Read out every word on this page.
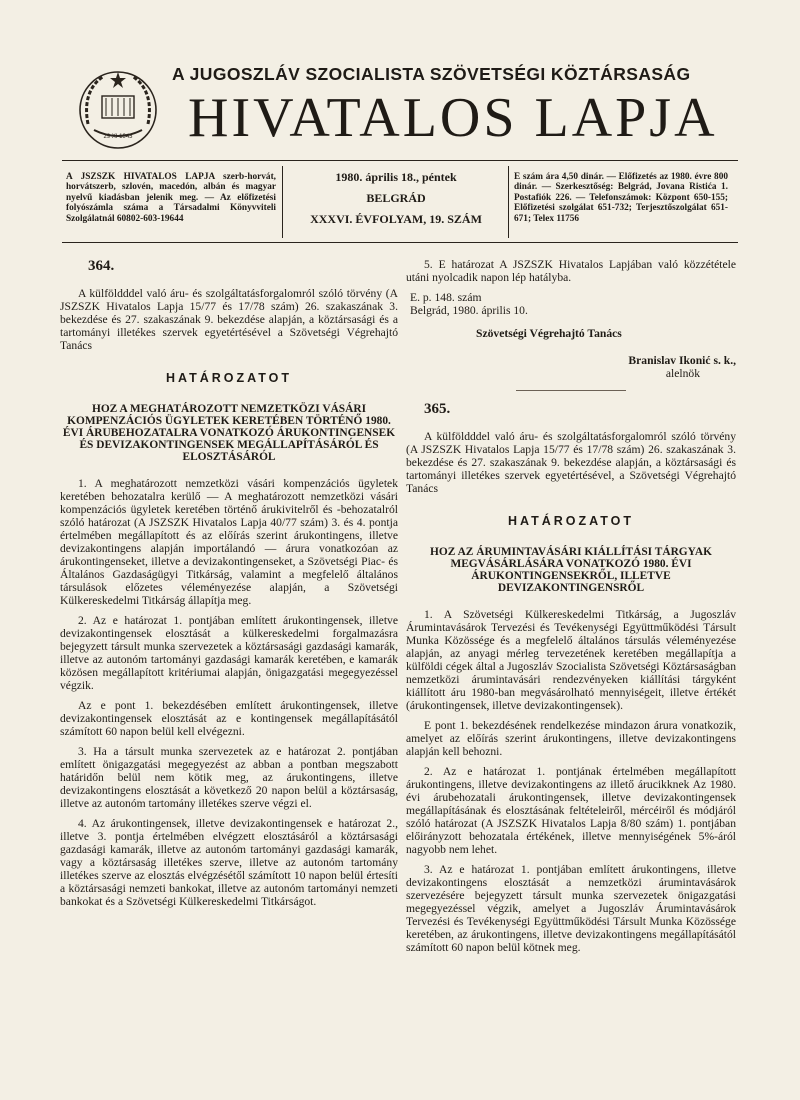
29 XI 1943
A JUGOSZLÁV SZOCIALISTA SZÖVETSÉGI KÖZTÁRSASÁG
HIVATALOS LAPJA
A JSZSZK HIVATALOS LAPJA szerb-horvát, horvátszerb, szlovén, macedón, albán és magyar nyelvű kiadásban jelenik meg. — Az előfizetési folyószámla száma a Társadalmi Könyvviteli Szolgálatnál 60802-603-19644
1980. április 18., péntek
BELGRÁD
XXXVI. ÉVFOLYAM, 19. SZÁM
E szám ára 4,50 dinár. — Előfizetés az 1980. évre 800 dinár. — Szerkesztőség: Belgrád, Jovana Ristića 1. Postafiók 226. — Telefonszámok: Központ 650-155; Előfizetési szolgálat 651-732; Terjesztőszolgálat 651-671; Telex 11756
364.

A külföldddel való áru- és szolgáltatásforgalomról szóló törvény (A JSZSZK Hivatalos Lapja 15/77 és 17/78 szám) 26. szakaszának 3. bekezdése és 27. szakaszának 9. bekezdése alapján, a köztársasági és a tartományi illetékes szervek egyetértésével a Szövetségi Végrehajtó Tanács

HATÁROZATOT
HOZ A MEGHATÁROZOTT NEMZETKÖZI VÁSÁRI KOMPENZÁCIÓS ÜGYLETEK KERETÉBEN TÖRTÉNŐ 1980. ÉVI ÁRUBEHOZATALRA VONATKOZÓ ÁRUKONTINGENSEK ÉS DEVIZAKONTINGENSEK MEGÁLLAPÍTÁSÁRÓL ÉS ELOSZTÁSÁRÓL

1. A meghatározott nemzetközi vásári kompenzációs ügyletek keretében behozatalra kerülő — A meghatározott nemzetközi vásári kompenzációs ügyletek keretében történő árukivitelről és -behozatalról szóló határozat (A JSZSZK Hivatalos Lapja 40/77 szám) 3. és 4. pontja értelmében megállapított és az előírás szerint árukontingens, illetve devizakontingens alapján importálandó — árura vonatkozóan az árukontingenseket, illetve a devizakontingenseket, a Szövetségi Piac- és Általános Gazdaságügyi Titkárság, valamint a megfelelő általános társulások előzetes véleményezése alapján, a Szövetségi Külkereskedelmi Titkárság állapítja meg.

2. Az e határozat 1. pontjában említett árukontingensek, illetve devizakontingensek elosztását a külkereskedelmi forgalmazásra bejegyzett társult munka szervezetek a köztársasági gazdasági kamarák, illetve az autonóm tartományi gazdasági kamarák keretében, e kamarák közösen megállapított kritériumai alapján, önigazgatási megegyezéssel végzik.

Az e pont 1. bekezdésében említett árukontingensek, illetve devizakontingensek elosztását az e kontingensek megállapításától számított 60 napon belül kell elvégezni.

3. Ha a társult munka szervezetek az e határozat 2. pontjában említett önigazgatási megegyezést az abban a pontban megszabott határidőn belül nem kötik meg, az árukontingens, illetve devizakontingens elosztását a következő 20 napon belül a köztársaság, illetve az autonóm tartomány illetékes szerve végzi el.

4. Az árukontingensek, illetve devizakontingensek e határozat 2., illetve 3. pontja értelmében elvégzett elosztásáról a köztársasági gazdasági kamarák, illetve az autonóm tartományi gazdasági kamarák, vagy a köztársaság illetékes szerve, illetve az autonóm tartomány illetékes szerve az elosztás elvégzésétől számított 10 napon belül értesíti a köztársasági nemzeti bankokat, illetve az autonóm tartományi nemzeti bankokat és a Szövetségi Külkereskedelmi Titkárságot.

5. E határozat A JSZSZK Hivatalos Lapjában való közzététele utáni nyolcadik napon lép hatályba.

E. p. 148. szám

Belgrád, 1980. április 10.

Szövetségi Végrehajtó Tanács
Branislav Ikonić s. k.,
alelnök
365.

A külföldddel való áru- és szolgáltatásforgalomról szóló törvény (A JSZSZK Hivatalos Lapja 15/77 és 17/78 szám) 26. szakaszának 3. bekezdése és 27. szakaszának 9. bekezdése alapján, a köztársasági és tartományi illetékes szervek egyetértésével, a Szövetségi Végrehajtó Tanács

HATÁROZATOT
HOZ AZ ÁRUMINTAVÁSÁRI KIÁLLÍTÁSI TÁRGYAK MEGVÁSÁRLÁSÁRA VONATKOZÓ 1980. ÉVI ÁRUKONTINGENSEKRŐL, ILLETVE DEVIZAKONTINGENSRŐL

1. A Szövetségi Külkereskedelmi Titkárság, a Jugoszláv Árumintavásárok Tervezési és Tevékenységi Együttműködési Társult Munka Közössége és a megfelelő általános társulás véleményezése alapján, az anyagi mérleg tervezetének keretében megállapítja a külföldi cégek által a Jugoszláv Szocialista Szövetségi Köztársaságban nemzetközi árumintavásári rendezvényeken kiállítási tárgyként kiállított áru 1980-ban megvásárolható mennyiségeit, illetve értékét (árukontingensek, illetve devizakontingensek).

E pont 1. bekezdésének rendelkezése mindazon árura vonatkozik, amelyet az előírás szerint árukontingens, illetve devizakontingens alapján kell behozni.

2. Az e határozat 1. pontjának értelmében megállapított árukontingens, illetve devizakontingens az illető árucikknek Az 1980. évi árubehozatali árukontingensek, illetve devizakontingensek megállapításának és elosztásának feltételeiről, mércéiről és módjáról szóló határozat (A JSZSZK Hivatalos Lapja 8/80 szám) 1. pontjában előirányzott behozatala értékének, illetve mennyiségének 5%-áról nagyobb nem lehet.

3. Az e határozat 1. pontjában említett árukontingens, illetve devizakontingens elosztását a nemzetközi árumintavásárok szervezésére bejegyzett társult munka szervezetek önigazgatási megegyezéssel végzik, amelyet a Jugoszláv Árumintavásárok Tervezési és Tevékenységi Együttműködési Társult Munka Közössége keretében, az árukontingens, illetve devizakontingens megállapításától számított 60 napon belül kötnek meg.
